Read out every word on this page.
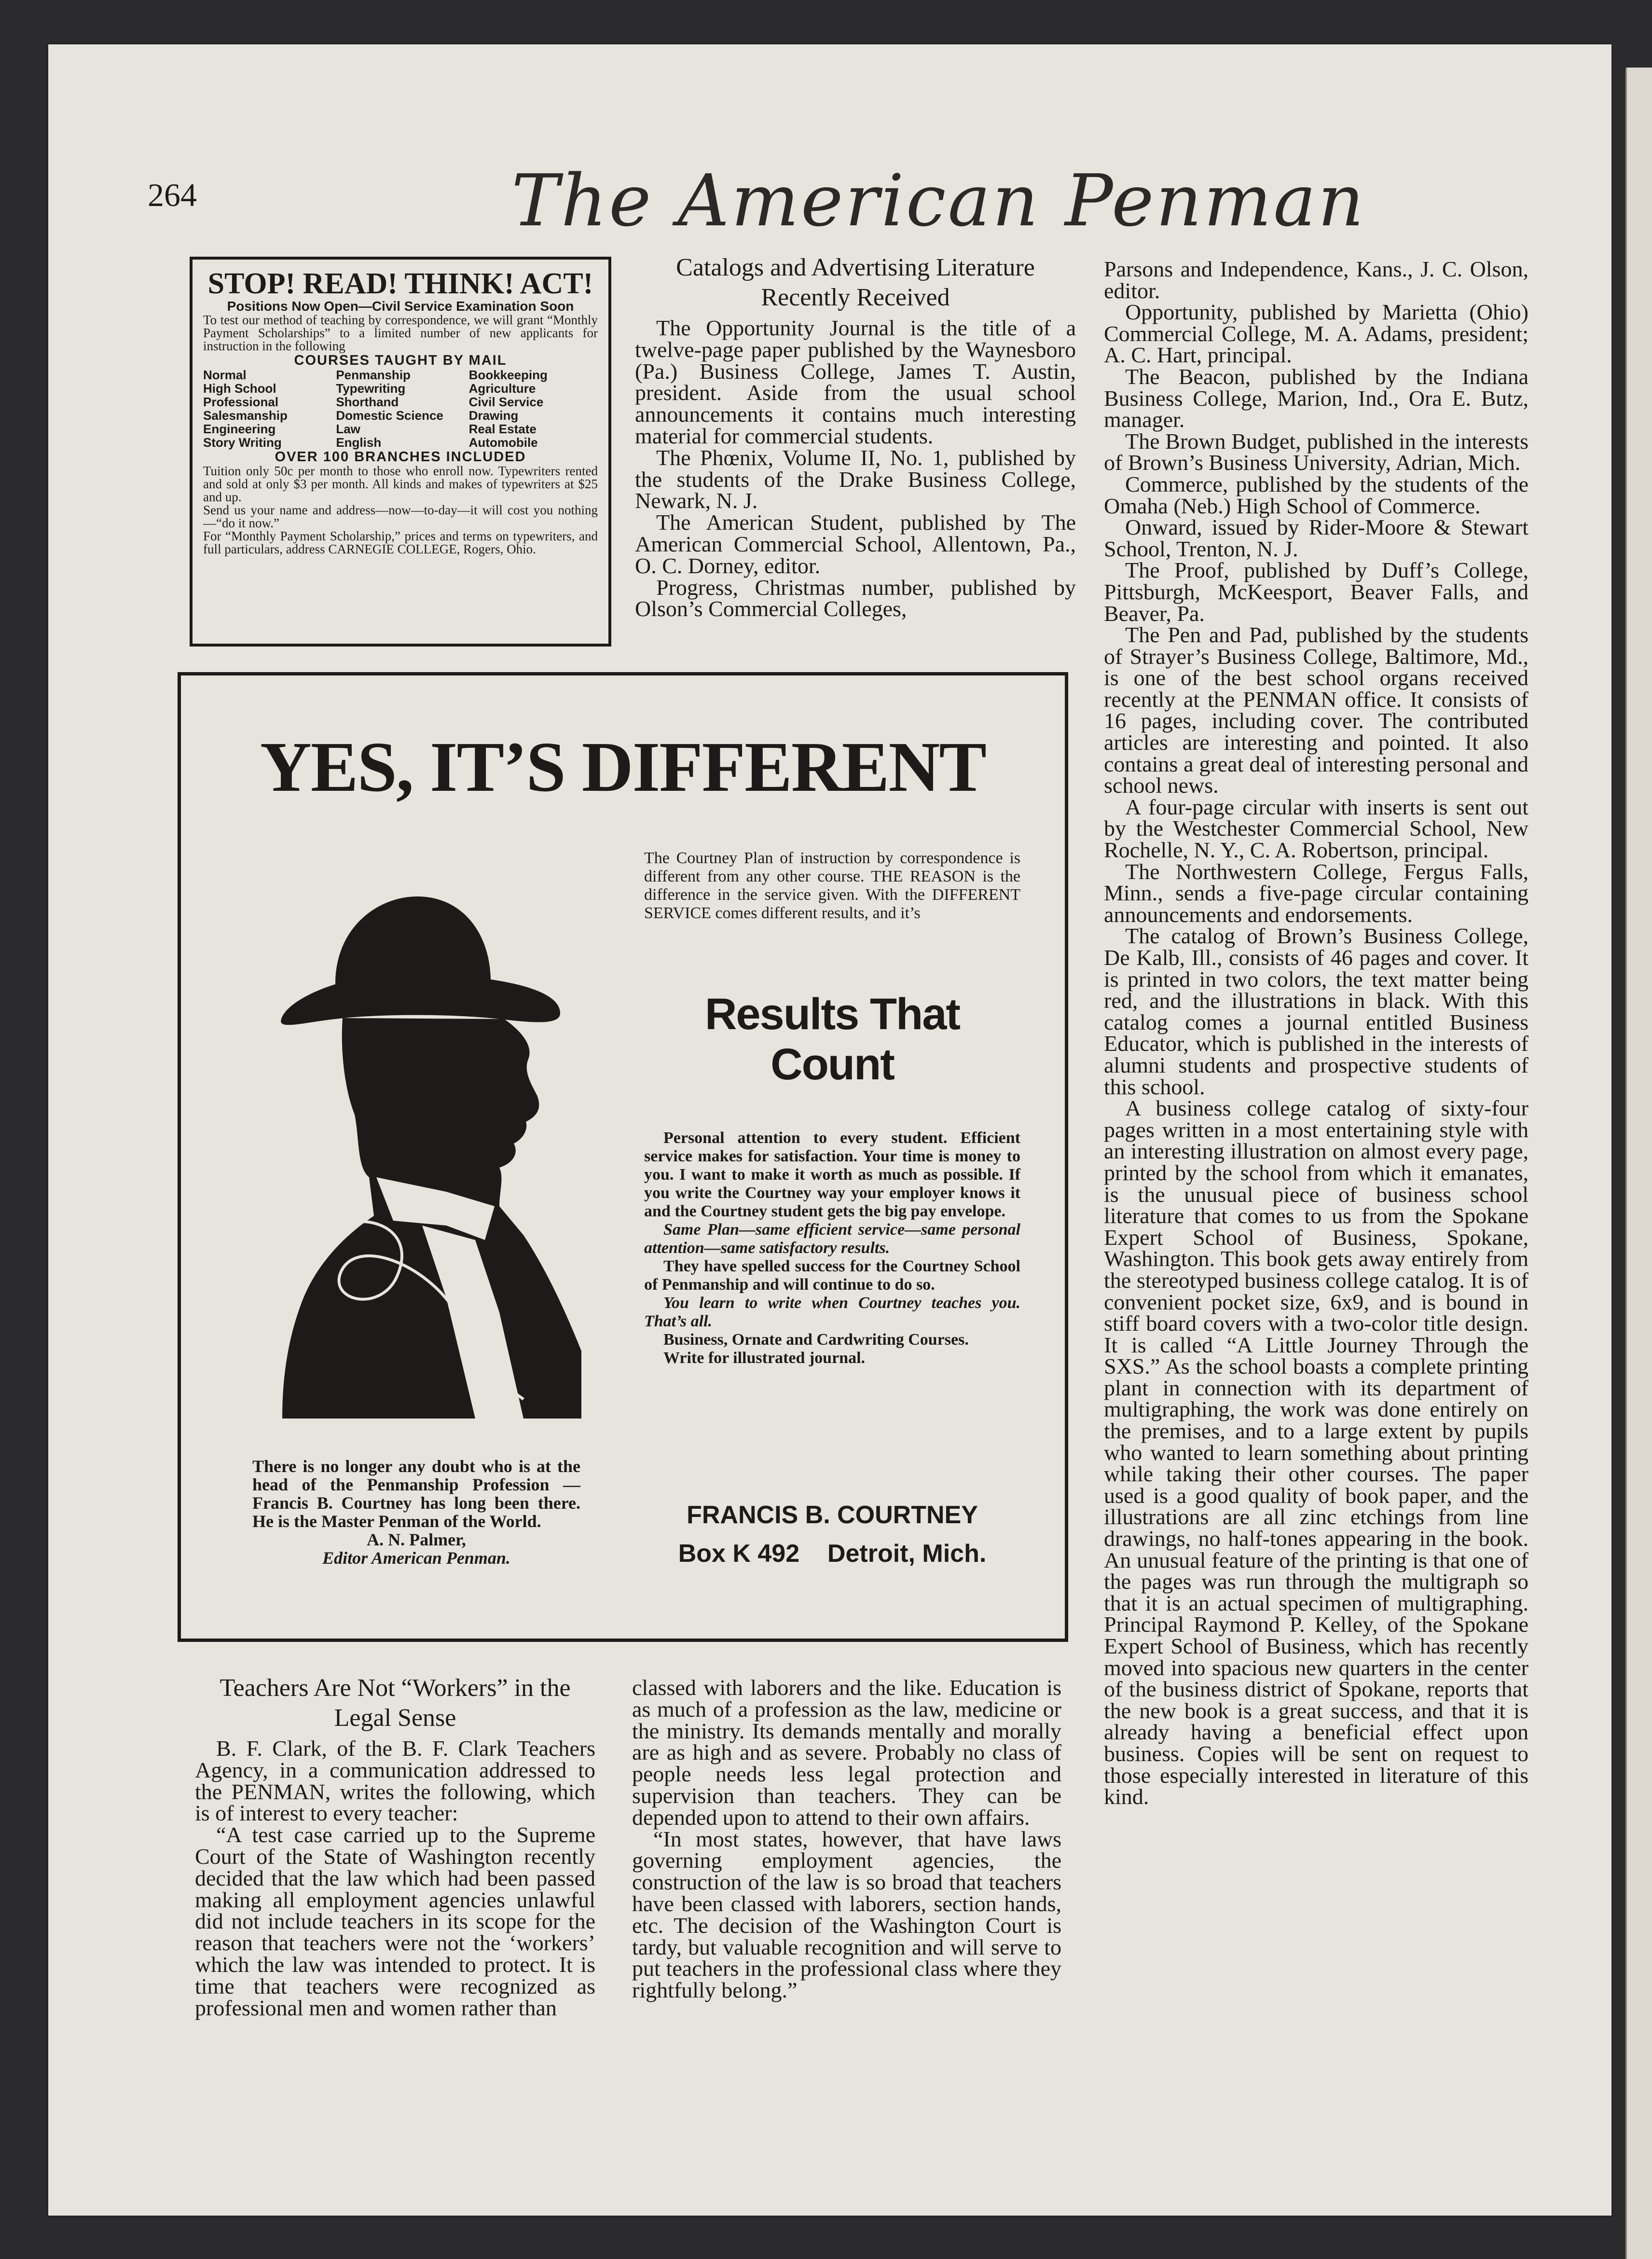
264	The American Penman
STOP! READ! THINK! ACT!
Positions Now Open—Civil Service Examination Soon
To test our method of teaching by correspondence, we will grant “Monthly Payment Scholarships” to a limited number of new applicants for instruction in the following
COURSES TAUGHT BY MAIL
Normal	Penmanship	Bookkeeping
High School	Typewriting	Agriculture
Professional	Shorthand	Civil Service
Salesmanship	Domestic Science	Drawing
Engineering	Law	Real Estate
Story Writing	English	Automobile
OVER 100 BRANCHES INCLUDED
Tuition only 50c per month to those who enroll now. Typewriters rented and sold at only $3 per month. All kinds and makes of typewriters at $25 and up.
Send us your name and address—now—to-day—it will cost you nothing—“do it now.”
For “Monthly Payment Scholarship,” prices and terms on typewriters, and full particulars, address CARNEGIE COLLEGE, Rogers, Ohio.
Catalogs and Advertising Literature Recently Received

The Opportunity Journal is the title of a twelve-page paper published by the Waynesboro (Pa.) Business College, James T. Austin, president. Aside from the usual school announcements it contains much interesting material for commercial students.

The Phœnix, Volume II, No. 1, published by the students of the Drake Business College, Newark, N. J.

The American Student, published by The American Commercial School, Allentown, Pa., O. C. Dorney, editor.

Progress, Christmas number, published by Olson’s Commercial Colleges,

Parsons and Independence, Kans., J. C. Olson, editor.

Opportunity, published by Marietta (Ohio) Commercial College, M. A. Adams, president; A. C. Hart, principal.

The Beacon, published by the Indiana Business College, Marion, Ind., Ora E. Butz, manager.

The Brown Budget, published in the interests of Brown’s Business University, Adrian, Mich.

Commerce, published by the students of the Omaha (Neb.) High School of Commerce.

Onward, issued by Rider-Moore & Stewart School, Trenton, N. J.

The Proof, published by Duff’s College, Pittsburgh, McKeesport, Beaver Falls, and Beaver, Pa.

The Pen and Pad, published by the students of Strayer’s Business College, Baltimore, Md., is one of the best school organs received recently at the PENMAN office. It consists of 16 pages, including cover. The contributed articles are interesting and pointed. It also contains a great deal of interesting personal and school news.

A four-page circular with inserts is sent out by the Westchester Commercial School, New Rochelle, N. Y., C. A. Robertson, principal.

The Northwestern College, Fergus Falls, Minn., sends a five-page circular containing announcements and endorsements.

The catalog of Brown’s Business College, De Kalb, Ill., consists of 46 pages and cover. It is printed in two colors, the text matter being red, and the illustrations in black. With this catalog comes a journal entitled Business Educator, which is published in the interests of alumni students and prospective students of this school.

A business college catalog of sixty-four pages written in a most entertaining style with an interesting illustration on almost every page, printed by the school from which it emanates, is the unusual piece of business school literature that comes to us from the Spokane Expert School of Business, Spokane, Washington. This book gets away entirely from the stereotyped business college catalog. It is of convenient pocket size, 6x9, and is bound in stiff board covers with a two-color title design. It is called “A Little Journey Through the SXS.” As the school boasts a complete printing plant in connection with its department of multigraphing, the work was done entirely on the premises, and to a large extent by pupils who wanted to learn something about printing while taking their other courses. The paper used is a good quality of book paper, and the illustrations are all zinc etchings from line drawings, no half-tones appearing in the book. An unusual feature of the printing is that one of the pages was run through the multigraph so that it is an actual specimen of multigraphing. Principal Raymond P. Kelley, of the Spokane Expert School of Business, which has recently moved into spacious new quarters in the center of the business district of Spokane, reports that the new book is a great success, and that it is already having a beneficial effect upon business. Copies will be sent on request to those especially interested in literature of this kind.

YES, IT’S DIFFERENT
There is no longer any doubt who is at the head of the Penmanship Profession —Francis B. Courtney has long been there. He is the Master Penman of the World.
A. N. Palmer,
Editor American Penman.
The Courtney Plan of instruction by correspondence is different from any other course. THE REASON is the difference in the service given. With the DIFFERENT SERVICE comes different results, and it’s
Results That Count

Personal attention to every student. Efficient service makes for satisfaction. Your time is money to you. I want to make it worth as much as possible. If you write the Courtney way your employer knows it and the Courtney student gets the big pay envelope.

Same Plan—same efficient service—same personal attention—same satisfactory results.

They have spelled success for the Courtney School of Penmanship and will continue to do so.

You learn to write when Courtney teaches you. That’s all.

Business, Ornate and Cardwriting Courses.

Write for illustrated journal.

FRANCIS B. COURTNEY
Box K 492    Detroit, Mich.
Teachers Are Not “Workers” in the Legal Sense

B. F. Clark, of the B. F. Clark Teachers Agency, in a communication addressed to the PENMAN, writes the following, which is of interest to every teacher:

“A test case carried up to the Supreme Court of the State of Washington recently decided that the law which had been passed making all employment agencies unlawful did not include teachers in its scope for the reason that teachers were not the ‘workers’ which the law was intended to protect. It is time that teachers were recognized as professional men and women rather than

classed with laborers and the like. Education is as much of a profession as the law, medicine or the ministry. Its demands mentally and morally are as high and as severe. Probably no class of people needs less legal protection and supervision than teachers. They can be depended upon to attend to their own affairs.

“In most states, however, that have laws governing employment agencies, the construction of the law is so broad that teachers have been classed with laborers, section hands, etc. The decision of the Washington Court is tardy, but valuable recognition and will serve to put teachers in the professional class where they rightfully belong.”
